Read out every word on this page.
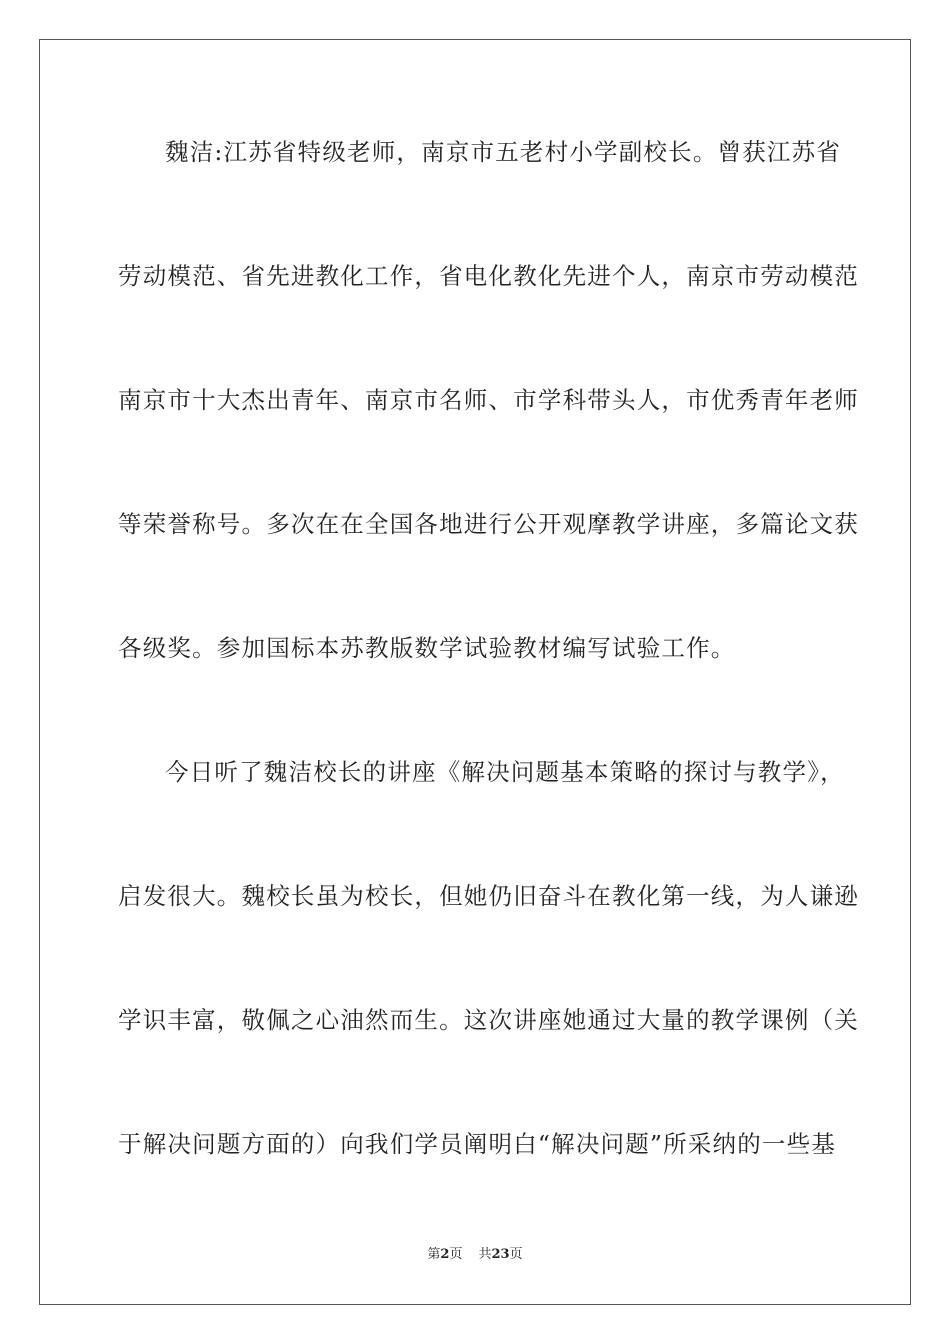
魏洁:江苏省特级老师，南京市五老村小学副校长。曾获江苏省
劳动模范、省先进教化工作，省电化教化先进个人，南京市劳动模范
南京市十大杰出青年、南京市名师、市学科带头人，市优秀青年老师
等荣誉称号。多次在在全国各地进行公开观摩教学讲座，多篇论文获
各级奖。参加国标本苏教版数学试验教材编写试验工作。
今日听了魏洁校长的讲座《解决问题基本策略的探讨与教学》，
启发很大。魏校长虽为校长，但她仍旧奋斗在教化第一线，为人谦逊
学识丰富，敬佩之心油然而生。这次讲座她通过大量的教学课例（关
于解决问题方面的）向我们学员阐明白“解决问题”所采纳的一些基
第2页 共23页
